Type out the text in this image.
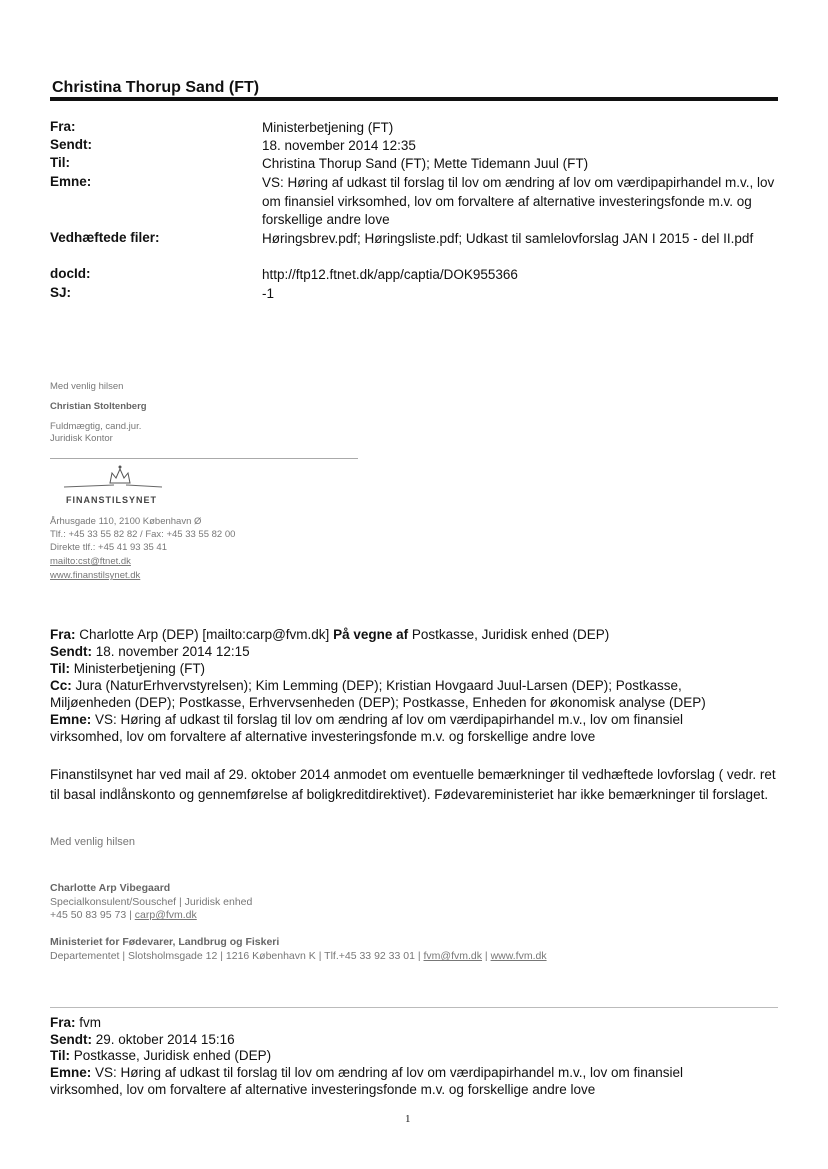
Christina Thorup Sand (FT)
Fra:	Ministerbetjening (FT)
Sendt:	18. november 2014 12:35
Til:	Christina Thorup Sand (FT); Mette Tidemann Juul (FT)
Emne:	VS: Høring af udkast til forslag til lov om ændring af lov om værdipapirhandel m.v., lov om finansiel virksomhed, lov om forvaltere af alternative investeringsfonde m.v. og forskellige andre love
Vedhæftede filer:	Høringsbrev.pdf; Høringsliste.pdf; Udkast til samlelovforslag JAN I 2015 - del II.pdf
docId:	http://ftp12.ftnet.dk/app/captia/DOK955366
SJ:	-1
Med venlig hilsen
Christian Stoltenberg
Fuldmægtig, cand.jur.
Juridisk Kontor
FINANSTILSYNET
Århusgade 110, 2100 København Ø
Tlf.: +45 33 55 82 82 / Fax: +45 33 55 82 00
Direkte tlf.: +45 41 93 35 41
mailto:cst@ftnet.dk
www.finanstilsynet.dk
Fra: Charlotte Arp (DEP) [mailto:carp@fvm.dk] På vegne af Postkasse, Juridisk enhed (DEP)
Sendt: 18. november 2014 12:15
Til: Ministerbetjening (FT)
Cc: Jura (NaturErhvervstyrelsen); Kim Lemming (DEP); Kristian Hovgaard Juul-Larsen (DEP); Postkasse,
Miljøenheden (DEP); Postkasse, Erhvervsenheden (DEP); Postkasse, Enheden for økonomisk analyse (DEP)
Emne: VS: Høring af udkast til forslag til lov om ændring af lov om værdipapirhandel m.v., lov om finansiel
virksomhed, lov om forvaltere af alternative investeringsfonde m.v. og forskellige andre love
Finanstilsynet har ved mail af 29. oktober 2014 anmodet om eventuelle bemærkninger til vedhæftede lovforslag ( vedr. ret til basal indlånskonto og gennemførelse af boligkreditdirektivet). Fødevareministeriet har ikke bemærkninger til forslaget.
Med venlig hilsen
Charlotte Arp Vibegaard
Specialkonsulent/Souschef | Juridisk enhed
+45 50 83 95 73 | carp@fvm.dk
Ministeriet for Fødevarer, Landbrug og Fiskeri
Departementet | Slotsholmsgade 12 | 1216 København K | Tlf.+45 33 92 33 01 | fvm@fvm.dk | www.fvm.dk
Fra: fvm
Sendt: 29. oktober 2014 15:16
Til: Postkasse, Juridisk enhed (DEP)
Emne: VS: Høring af udkast til forslag til lov om ændring af lov om værdipapirhandel m.v., lov om finansiel
virksomhed, lov om forvaltere af alternative investeringsfonde m.v. og forskellige andre love
1
